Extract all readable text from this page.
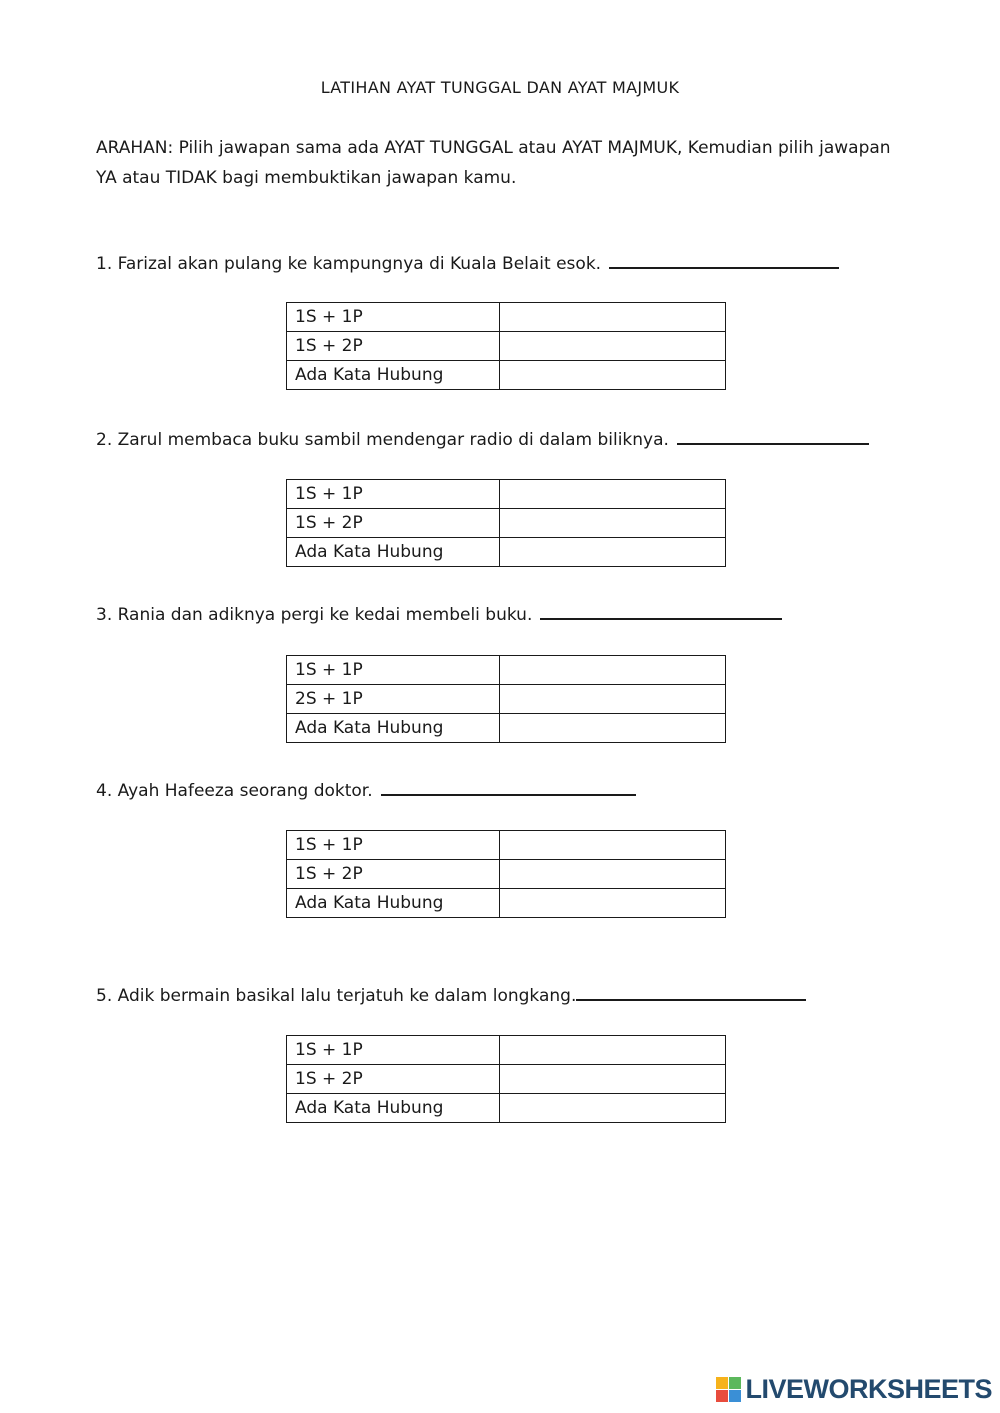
LATIHAN AYAT TUNGGAL DAN AYAT MAJMUK
ARAHAN: Pilih jawapan sama ada AYAT TUNGGAL atau AYAT MAJMUK, Kemudian pilih jawapan YA atau TIDAK bagi membuktikan jawapan kamu.
1. Farizal akan pulang ke kampungnya di Kuala Belait esok.
1S + 1P	
1S + 2P	
Ada Kata Hubung	
2. Zarul membaca buku sambil mendengar radio di dalam biliknya.
1S + 1P	
1S + 2P	
Ada Kata Hubung	
3. Rania dan adiknya pergi ke kedai membeli buku.
1S + 1P	
2S + 1P	
Ada Kata Hubung	
4. Ayah Hafeeza seorang doktor.
1S + 1P	
1S + 2P	
Ada Kata Hubung	
5. Adik bermain basikal lalu terjatuh ke dalam longkang.
1S + 1P	
1S + 2P	
Ada Kata Hubung	
LIVEWORKSHEETS
